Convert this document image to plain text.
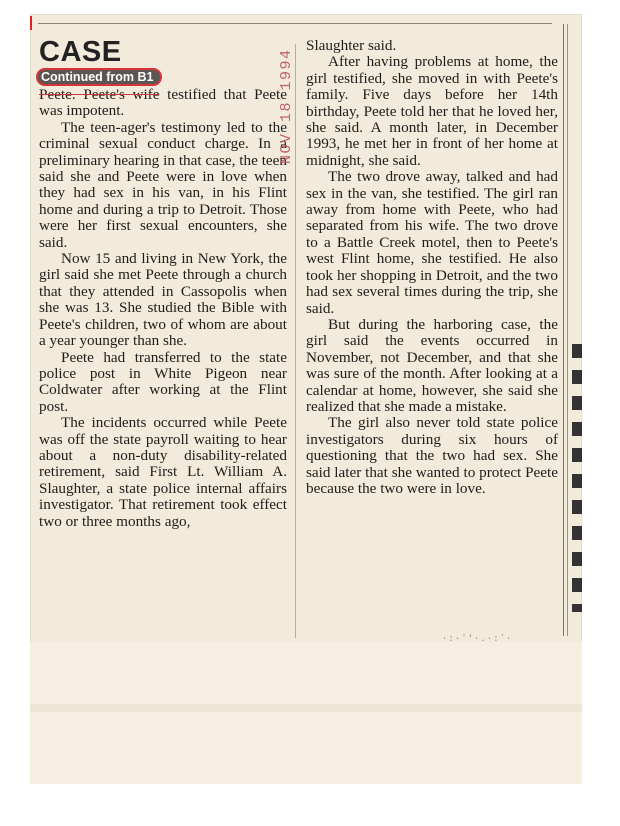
CASE
Continued from B1

Peete. Peete's wife testified that Peete was impotent.

The teen-ager's testimony led to the criminal sexual conduct charge. In a preliminary hearing in that case, the teen said she and Peete were in love when they had sex in his van, in his Flint home and during a trip to Detroit. Those were her first sexual encounters, she said.

Now 15 and living in New York, the girl said she met Peete through a church that they attended in Cassopolis when she was 13. She studied the Bible with Peete's children, two of whom are about a year younger than she.

Peete had transferred to the state police post in White Pigeon near Coldwater after working at the Flint post.

The incidents occurred while Peete was off the state payroll waiting to hear about a non-duty disability-related retirement, said First Lt. William A. Slaughter, a state police internal affairs investigator. That retirement took effect two or three months ago,

Slaughter said.

After having problems at home, the girl testified, she moved in with Peete's family. Five days before her 14th birthday, Peete told her that he loved her, she said. A month later, in December 1993, he met her in front of her home at midnight, she said.

The two drove away, talked and had sex in the van, she testified. The girl ran away from home with Peete, who had separated from his wife. The two drove to a Battle Creek motel, then to Peete's west Flint home, she testified. He also took her shopping in Detroit, and the two had sex several times during the trip, she said.

But during the harboring case, the girl said the events occurred in November, not December, and that she was sure of the month. After looking at a calendar at home, however, she said she realized that she made a mistake.

The girl also never told state police investigators during six hours of questioning that the two had sex. She said later that she wanted to protect Peete because the two were in love.

NOV 18 1994
·:·ʼ'·.·:ʼ·
